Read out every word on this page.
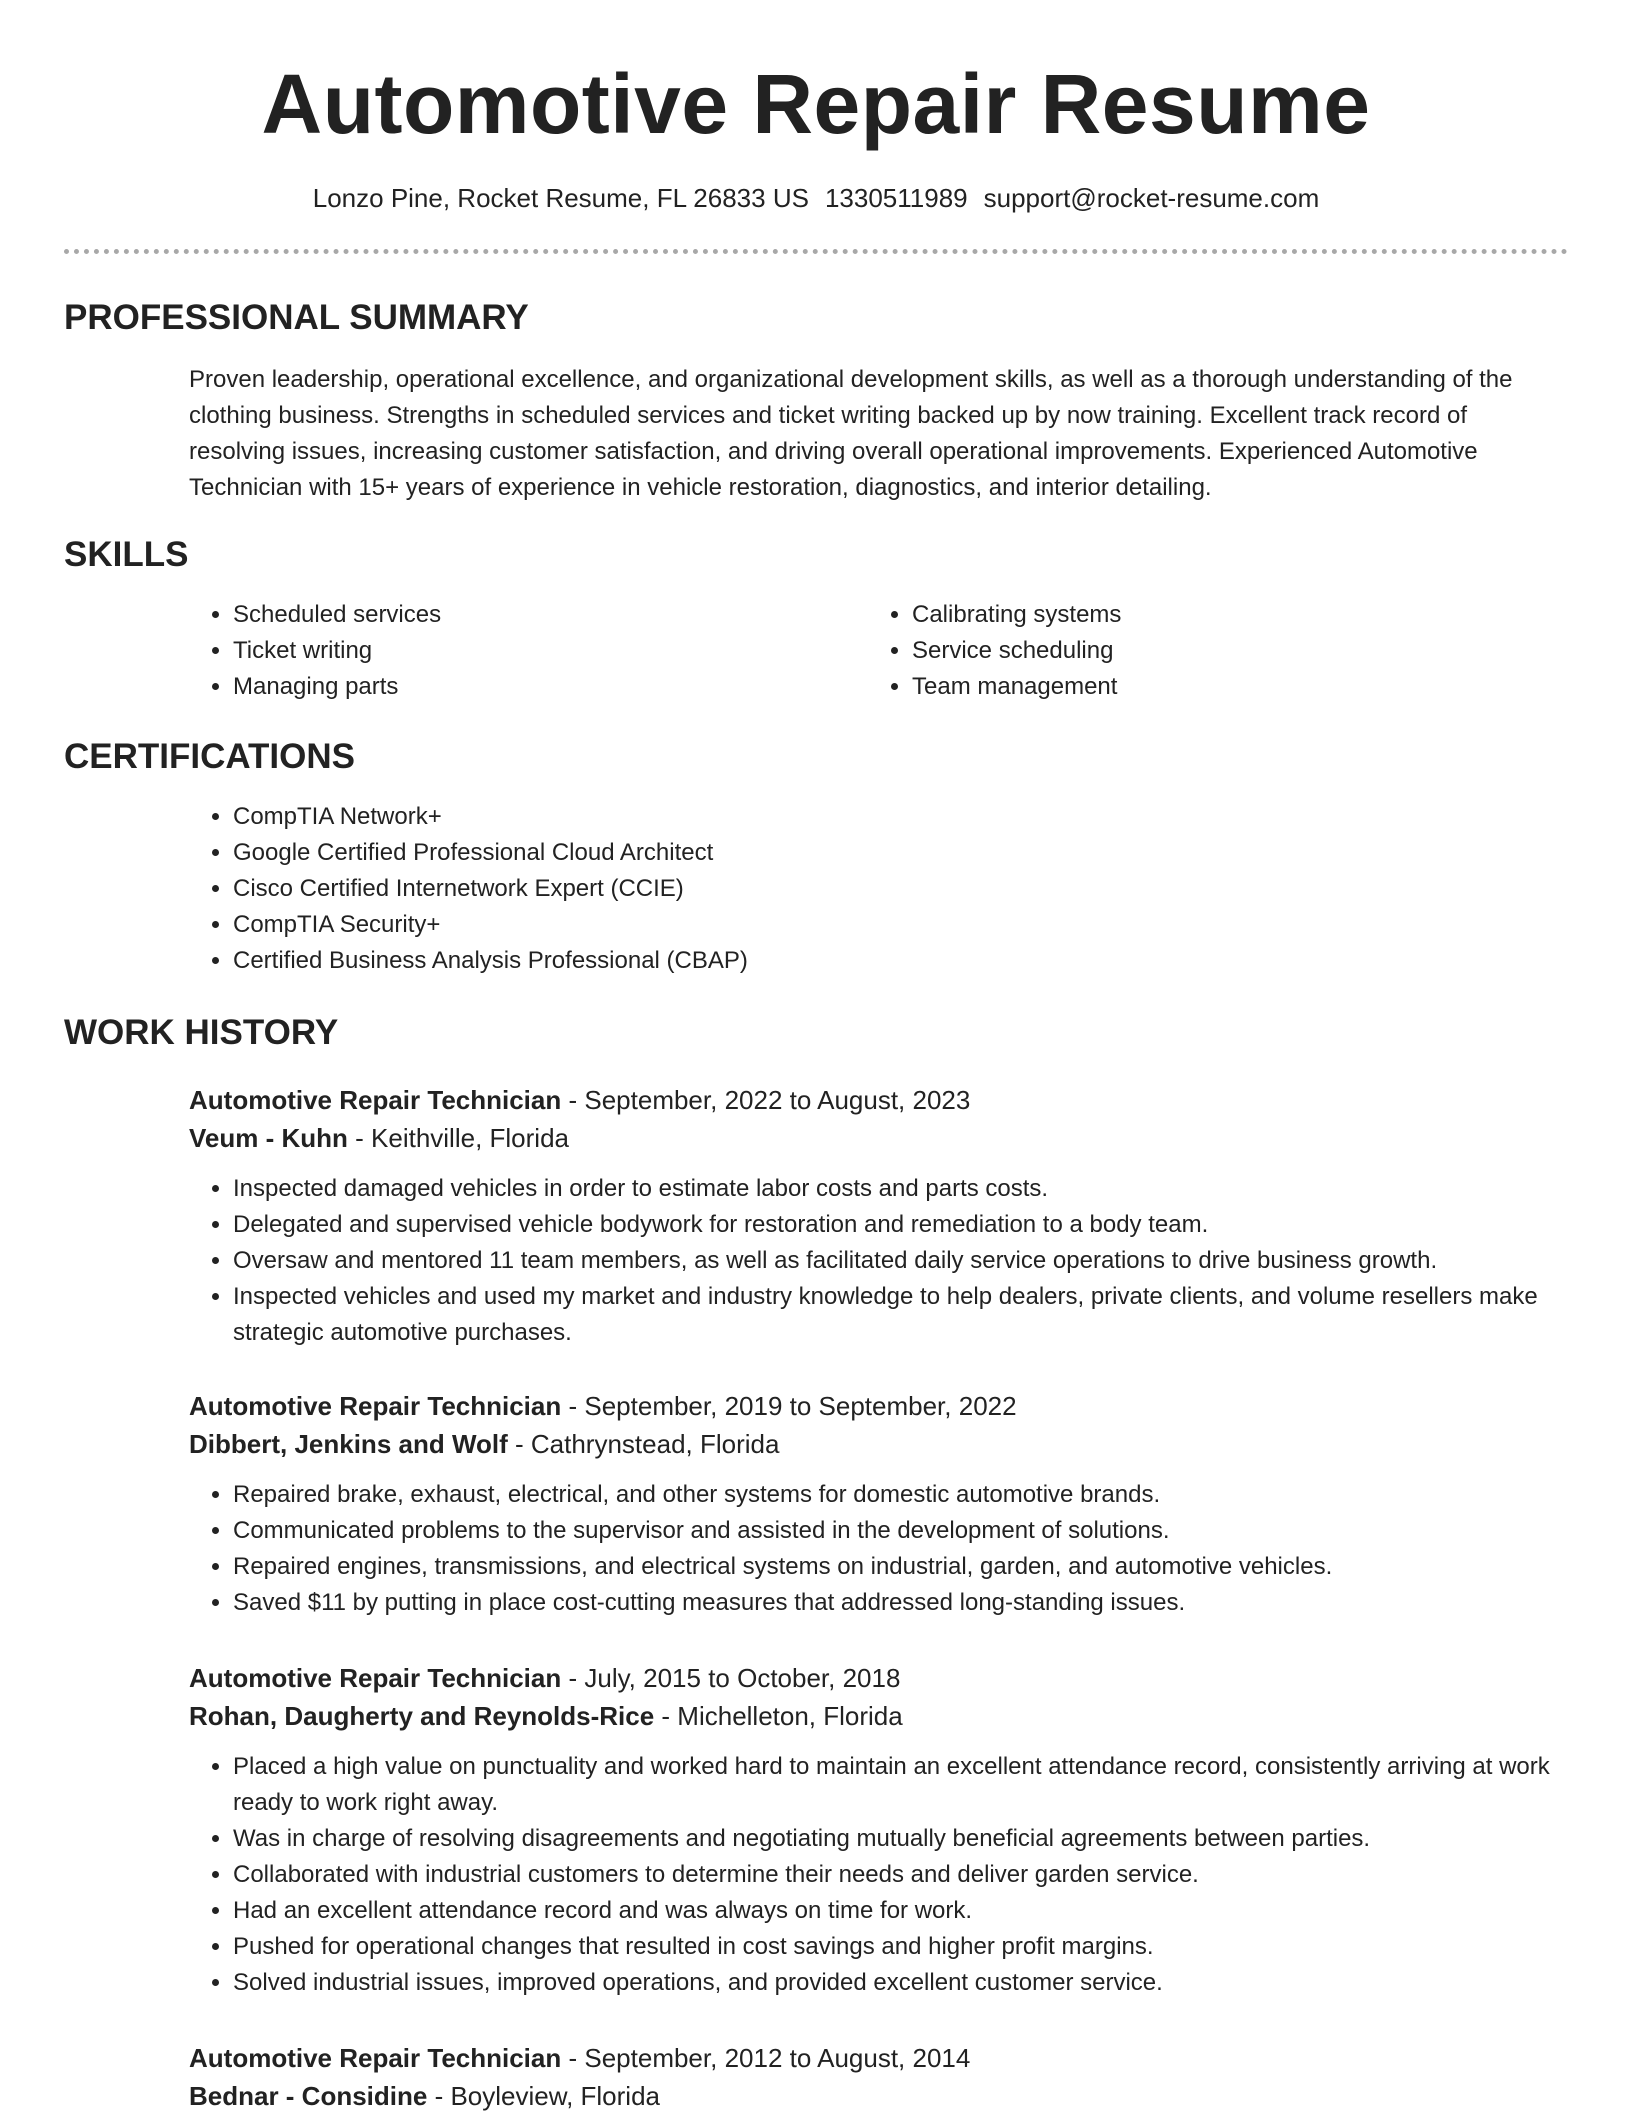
Automotive Repair Resume
Lonzo Pine, Rocket Resume, FL 26833 US 1330511989 support@rocket-resume.com
PROFESSIONAL SUMMARY
Proven leadership, operational excellence, and organizational development skills, as well as a thorough understanding of the clothing business. Strengths in scheduled services and ticket writing backed up by now training. Excellent track record of resolving issues, increasing customer satisfaction, and driving overall operational improvements. Experienced Automotive Technician with 15+ years of experience in vehicle restoration, diagnostics, and interior detailing.
SKILLS
• Scheduled services
• Ticket writing
• Managing parts
• Calibrating systems
• Service scheduling
• Team management
CERTIFICATIONS
• CompTIA Network+
• Google Certified Professional Cloud Architect
• Cisco Certified Internetwork Expert (CCIE)
• CompTIA Security+
• Certified Business Analysis Professional (CBAP)
WORK HISTORY
Automotive Repair Technician - September, 2022 to August, 2023
Veum - Kuhn - Keithville, Florida
• Inspected damaged vehicles in order to estimate labor costs and parts costs.
• Delegated and supervised vehicle bodywork for restoration and remediation to a body team.
• Oversaw and mentored 11 team members, as well as facilitated daily service operations to drive business growth.
• Inspected vehicles and used my market and industry knowledge to help dealers, private clients, and volume resellers make strategic automotive purchases.
Automotive Repair Technician - September, 2019 to September, 2022
Dibbert, Jenkins and Wolf - Cathrynstead, Florida
• Repaired brake, exhaust, electrical, and other systems for domestic automotive brands.
• Communicated problems to the supervisor and assisted in the development of solutions.
• Repaired engines, transmissions, and electrical systems on industrial, garden, and automotive vehicles.
• Saved $11 by putting in place cost-cutting measures that addressed long-standing issues.
Automotive Repair Technician - July, 2015 to October, 2018
Rohan, Daugherty and Reynolds-Rice - Michelleton, Florida
• Placed a high value on punctuality and worked hard to maintain an excellent attendance record, consistently arriving at work ready to work right away.
• Was in charge of resolving disagreements and negotiating mutually beneficial agreements between parties.
• Collaborated with industrial customers to determine their needs and deliver garden service.
• Had an excellent attendance record and was always on time for work.
• Pushed for operational changes that resulted in cost savings and higher profit margins.
• Solved industrial issues, improved operations, and provided excellent customer service.
Automotive Repair Technician - September, 2012 to August, 2014
Bednar - Considine - Boyleview, Florida
